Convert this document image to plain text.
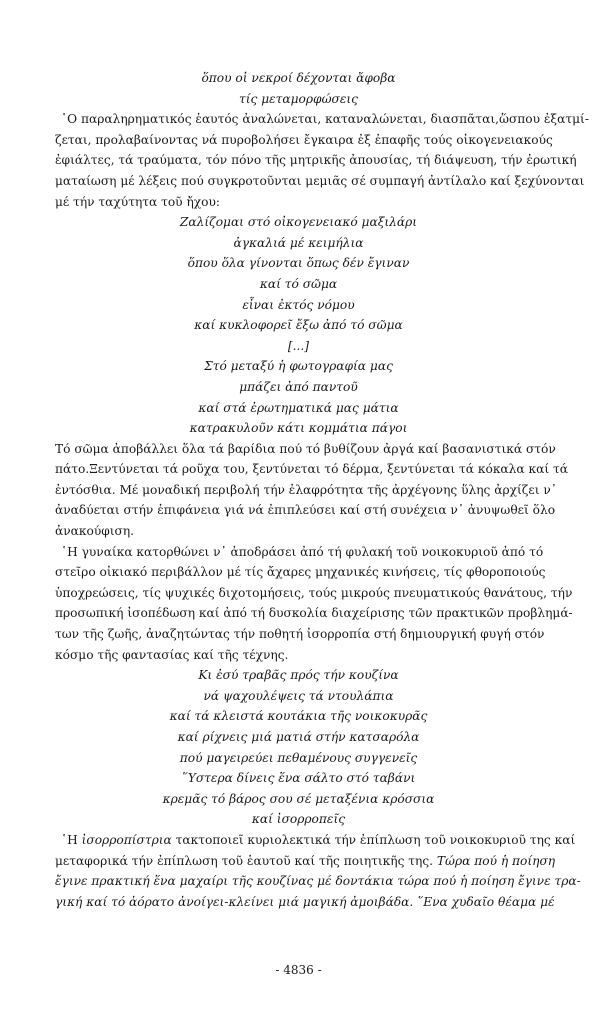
ὅπου οἱ νεκροί δέχονται ἄφοβα
τίς μεταμορφώσεις
῾Ο παραληρηματικός ἑαυτός ἀναλώνεται, καταναλώνεται, διασπᾶται,ὥσπου ἐξατμί-
ζεται, προλαβαίνοντας νά πυροβολήσει ἔγκαιρα ἐξ ἐπαφῆς τούς οἰκογενειακούς
ἐφιάλτες, τά τραύματα, τόν πόνο τῆς μητρικῆς ἀπουσίας, τή διάψευση, τήν ἐρωτική
ματαίωση μέ λέξεις πού συγκροτοῦνται μεμιᾶς σέ συμπαγή ἀντίλαλο καί ξεχύνονται
μέ τήν ταχύτητα τοῦ ἤχου:
Ζαλίζομαι στό οἰκογενειακό μαξιλάρι
ἀγκαλιά μέ κειμήλια
ὅπου ὅλα γίνονται ὅπως δέν ἔγιναν
καί τό σῶμα
εἶναι ἐκτός νόμου
καί κυκλοφορεῖ ἔξω ἀπό τό σῶμα
[...]
Στό μεταξύ ἡ φωτογραφία μας
μπάζει ἀπό παντοῦ
καί στά ἐρωτηματικά μας μάτια
κατρακυλοῦν κάτι κομμάτια πάγοι
Τό σῶμα ἀποβάλλει ὅλα τά βαρίδια πού τό βυθίζουν ἀργά καί βασανιστικά στόν
πάτο.Ξεντύνεται τά ροῦχα του, ξεντύνεται τό δέρμα, ξεντύνεται τά κόκαλα καί τά
ἐντόσθια. Μέ μοναδική περιβολή τήν ἐλαφρότητα τῆς ἀρχέγονης ὕλης ἀρχίζει ν᾽
ἀναδύεται στήν ἐπιφάνεια γιά νά ἐπιπλεύσει καί στή συνέχεια ν᾽ ἀνυψωθεῖ ὅλο
ἀνακούφιση.
῾Η γυναίκα κατορθώνει ν᾽ ἀποδράσει ἀπό τή φυλακή τοῦ νοικοκυριοῦ ἀπό τό
στεῖρο οἰκιακό περιβάλλον μέ τίς ἄχαρες μηχανικές κινήσεις, τίς φθοροποιούς
ὑποχρεώσεις, τίς ψυχικές διχοτομήσεις, τούς μικρούς πνευματικούς θανάτους, τήν
προσωπική ἰσοπέδωση καί ἀπό τή δυσκολία διαχείρισης τῶν πρακτικῶν προβλημά-
των τῆς ζωῆς, ἀναζητώντας τήν ποθητή ἰσορροπία στή δημιουργική φυγή στόν
κόσμο τῆς φαντασίας καί τῆς τέχνης.
Κι ἐσύ τραβᾶς πρός τήν κουζίνα
νά ψαχουλέψεις τά ντουλάπια
καί τά κλειστά κουτάκια τῆς νοικοκυρᾶς
καί ρίχνεις μιά ματιά στήν κατσαρόλα
πού μαγειρεύει πεθαμένους συγγενεῖς
῞Υστερα δίνεις ἕνα σάλτο στό ταβάνι
κρεμᾶς τό βάρος σου σέ μεταξένια κρόσσια
καί ἰσορροπεῖς
῾Η ἰσορροπίστρια τακτοποιεῖ κυριολεκτικά τήν ἐπίπλωση τοῦ νοικοκυριοῦ της καί
μεταφορικά τήν ἐπίπλωση τοῦ ἑαυτοῦ καί τῆς ποιητικῆς της. Τώρα πού ἡ ποίηση
ἔγινε πρακτική ἕνα μαχαίρι τῆς κουζίνας μέ δοντάκια τώρα πού ἡ ποίηση ἔγινε τρα-
γική καί τό ἀόρατο ἀνοίγει-κλείνει μιά μαγική ἀμοιβάδα. ῞Ενα χυδαῖο θέαμα μέ
- 4836 -
